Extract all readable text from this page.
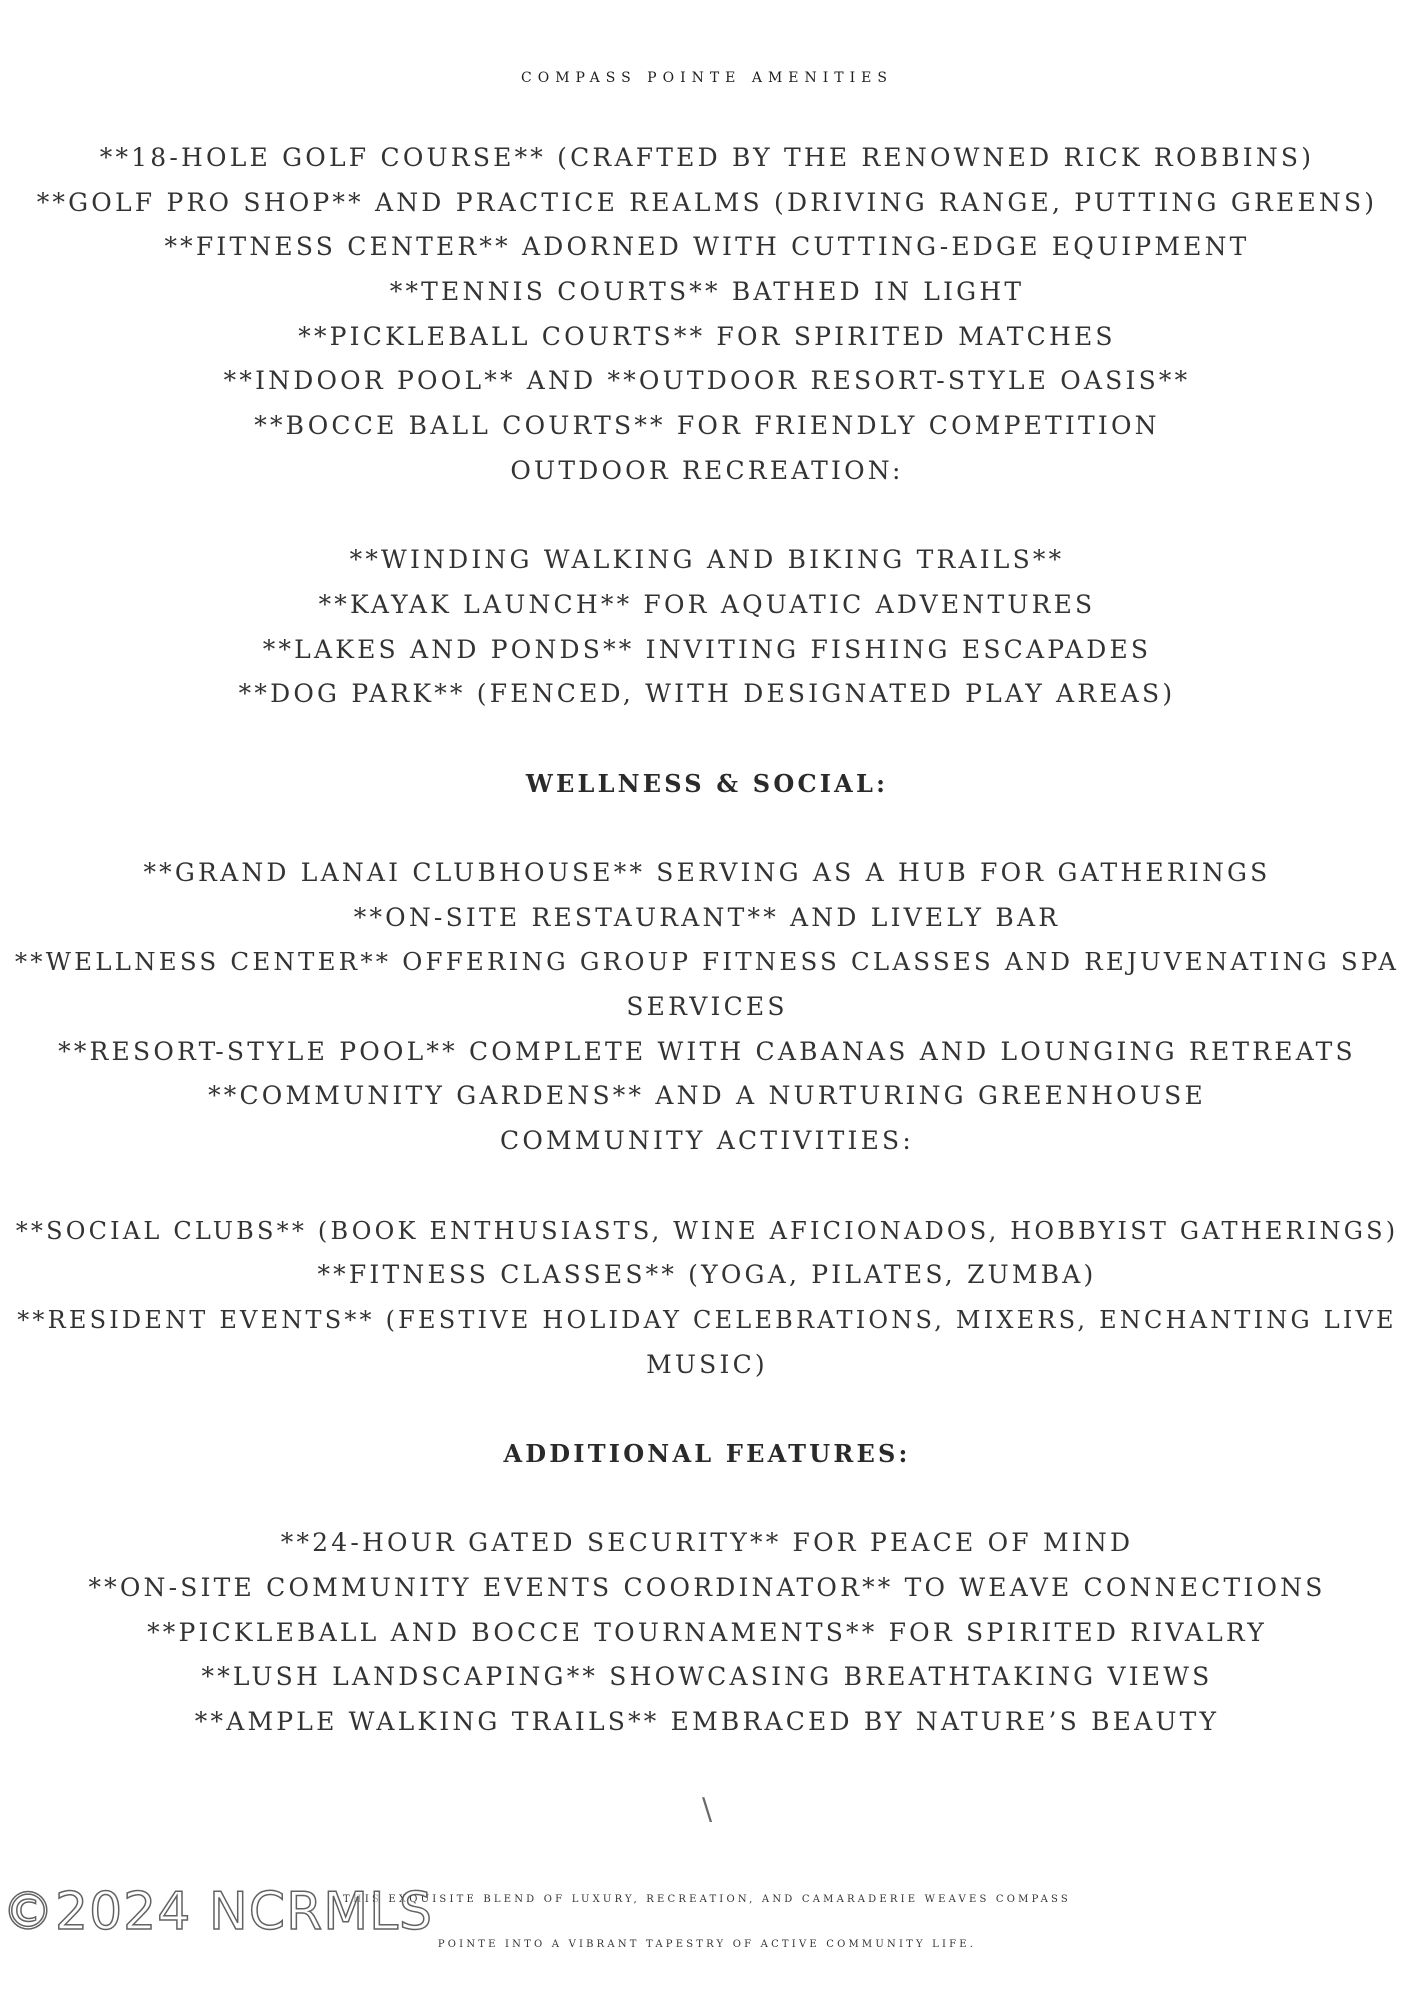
COMPASS POINTE AMENITIES
**18-HOLE GOLF COURSE** (CRAFTED BY THE RENOWNED RICK ROBBINS)
**GOLF PRO SHOP** AND PRACTICE REALMS (DRIVING RANGE, PUTTING GREENS)
**FITNESS CENTER** ADORNED WITH CUTTING-EDGE EQUIPMENT
**TENNIS COURTS** BATHED IN LIGHT
**PICKLEBALL COURTS** FOR SPIRITED MATCHES
**INDOOR POOL** AND **OUTDOOR RESORT-STYLE OASIS**
**BOCCE BALL COURTS** FOR FRIENDLY COMPETITION
OUTDOOR RECREATION:
**WINDING WALKING AND BIKING TRAILS**
**KAYAK LAUNCH** FOR AQUATIC ADVENTURES
**LAKES AND PONDS** INVITING FISHING ESCAPADES
**DOG PARK** (FENCED, WITH DESIGNATED PLAY AREAS)
WELLNESS & SOCIAL:
**GRAND LANAI CLUBHOUSE** SERVING AS A HUB FOR GATHERINGS
**ON-SITE RESTAURANT** AND LIVELY BAR
**WELLNESS CENTER** OFFERING GROUP FITNESS CLASSES AND REJUVENATING SPA
SERVICES
**RESORT-STYLE POOL** COMPLETE WITH CABANAS AND LOUNGING RETREATS
**COMMUNITY GARDENS** AND A NURTURING GREENHOUSE
COMMUNITY ACTIVITIES:
**SOCIAL CLUBS** (BOOK ENTHUSIASTS, WINE AFICIONADOS, HOBBYIST GATHERINGS)
**FITNESS CLASSES** (YOGA, PILATES, ZUMBA)
**RESIDENT EVENTS** (FESTIVE HOLIDAY CELEBRATIONS, MIXERS, ENCHANTING LIVE
MUSIC)
ADDITIONAL FEATURES:
**24-HOUR GATED SECURITY** FOR PEACE OF MIND
**ON-SITE COMMUNITY EVENTS COORDINATOR** TO WEAVE CONNECTIONS
**PICKLEBALL AND BOCCE TOURNAMENTS** FOR SPIRITED RIVALRY
**LUSH LANDSCAPING** SHOWCASING BREATHTAKING VIEWS
**AMPLE WALKING TRAILS** EMBRACED BY NATURE’S BEAUTY
\
THIS EXQUISITE BLEND OF LUXURY, RECREATION, AND CAMARADERIE WEAVES COMPASS
POINTE INTO A VIBRANT TAPESTRY OF ACTIVE COMMUNITY LIFE.
©2024 NCRMLS
